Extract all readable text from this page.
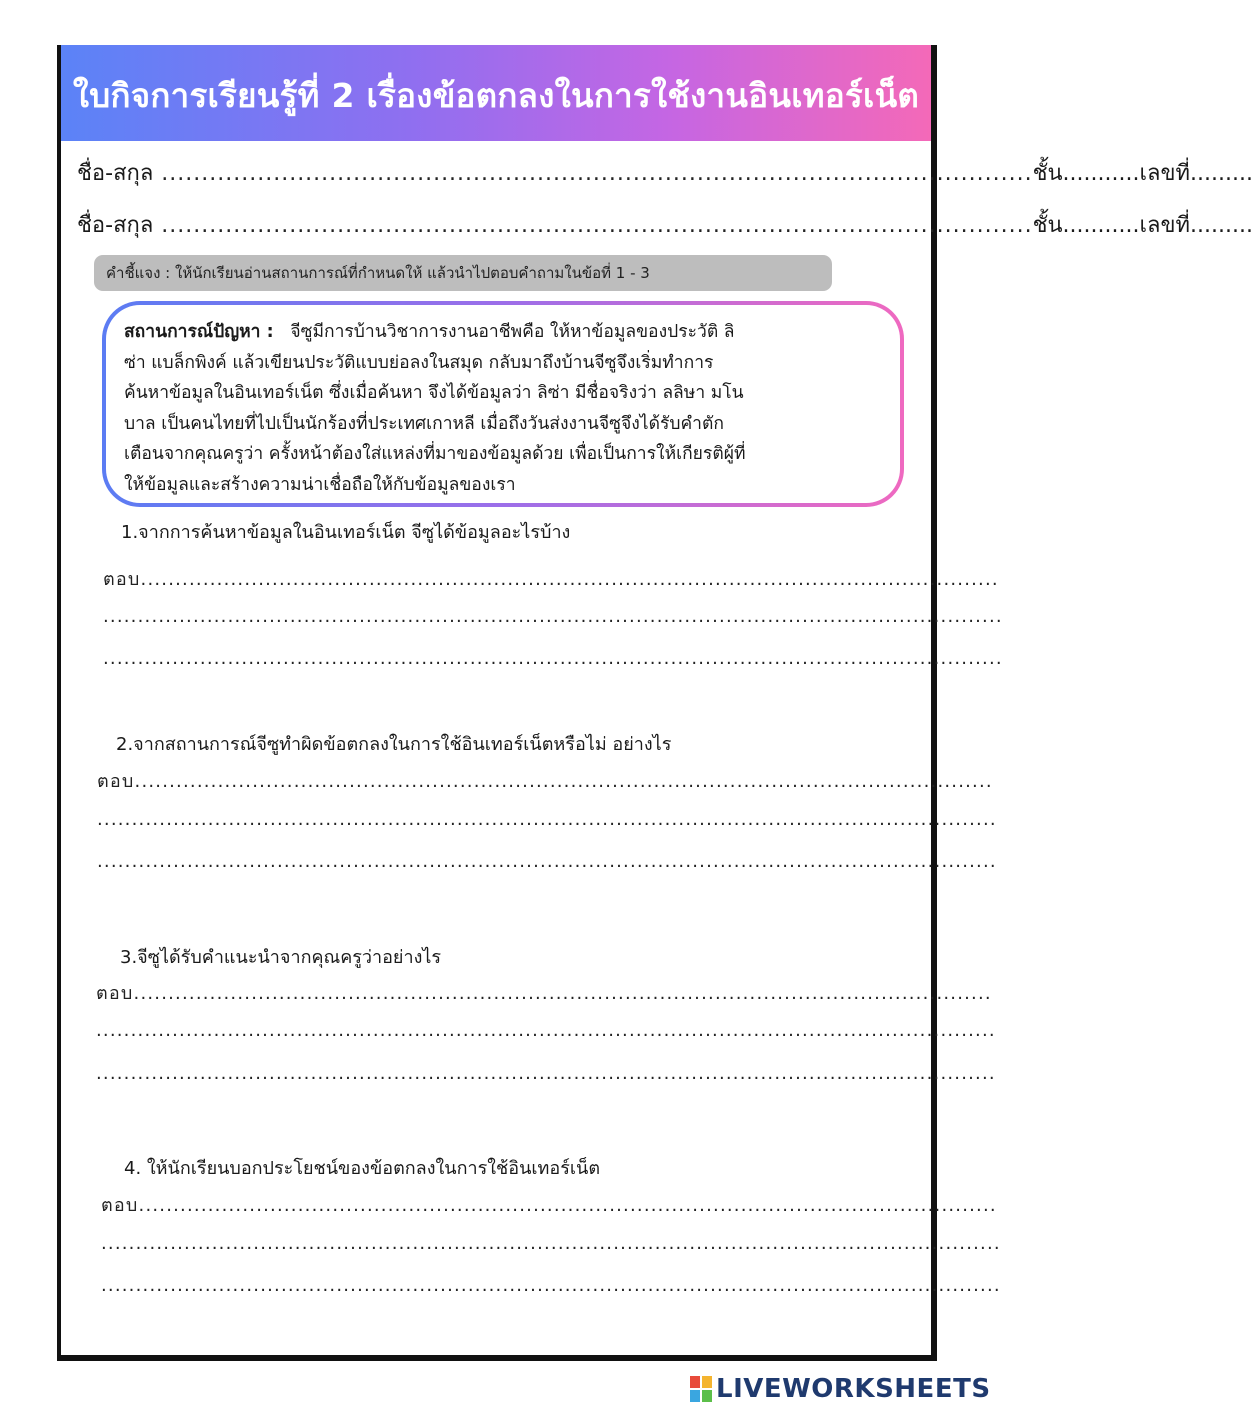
ใบกิจการเรียนรู้ที่ 2 เรื่องข้อตกลงในการใช้งานอินเทอร์เน็ต
ชื่อ-สกุล ............................................................................................................. ชั้น ........... เลขที่ .........
ชื่อ-สกุล ............................................................................................................. ชั้น ........... เลขที่ .........
คำชี้แจง : ให้นักเรียนอ่านสถานการณ์ที่กำหนดให้ แล้วนำไปตอบคำถามในข้อที่ 1 - 3
สถานการณ์ปัญหา : จีซูมีการบ้านวิชาการงานอาชีพคือ ให้หาข้อมูลของประวัติ ลิ
ซ่า แบล็กพิงค์ แล้วเขียนประวัติแบบย่อลงในสมุด กลับมาถึงบ้านจีซูจึงเริ่มทำการ
ค้นหาข้อมูลในอินเทอร์เน็ต ซึ่งเมื่อค้นหา จึงได้ข้อมูลว่า ลิซ่า มีชื่อจริงว่า ลลิษา มโน
บาล เป็นคนไทยที่ไปเป็นนักร้องที่ประเทศเกาหลี เมื่อถึงวันส่งงานจีซูจึงได้รับคำตัก
เตือนจากคุณครูว่า ครั้งหน้าต้องใส่แหล่งที่มาของข้อมูลด้วย เพื่อเป็นการให้เกียรติผู้ที่
ให้ข้อมูลและสร้างความน่าเชื่อถือให้กับข้อมูลของเรา
1.จากการค้นหาข้อมูลในอินเทอร์เน็ต จีซูได้ข้อมูลอะไรบ้าง
ตอบ............................................................................................................................
..................................................................................................................................
..................................................................................................................................
2.จากสถานการณ์จีซูทำผิดข้อตกลงในการใช้อินเทอร์เน็ตหรือไม่ อย่างไร
ตอบ............................................................................................................................
..................................................................................................................................
..................................................................................................................................
3.จีซูได้รับคำแนะนำจากคุณครูว่าอย่างไร
ตอบ............................................................................................................................
..................................................................................................................................
..................................................................................................................................
4. ให้นักเรียนบอกประโยชน์ของข้อตกลงในการใช้อินเทอร์เน็ต
ตอบ............................................................................................................................
..................................................................................................................................
..................................................................................................................................
LIVEWORKSHEETS
